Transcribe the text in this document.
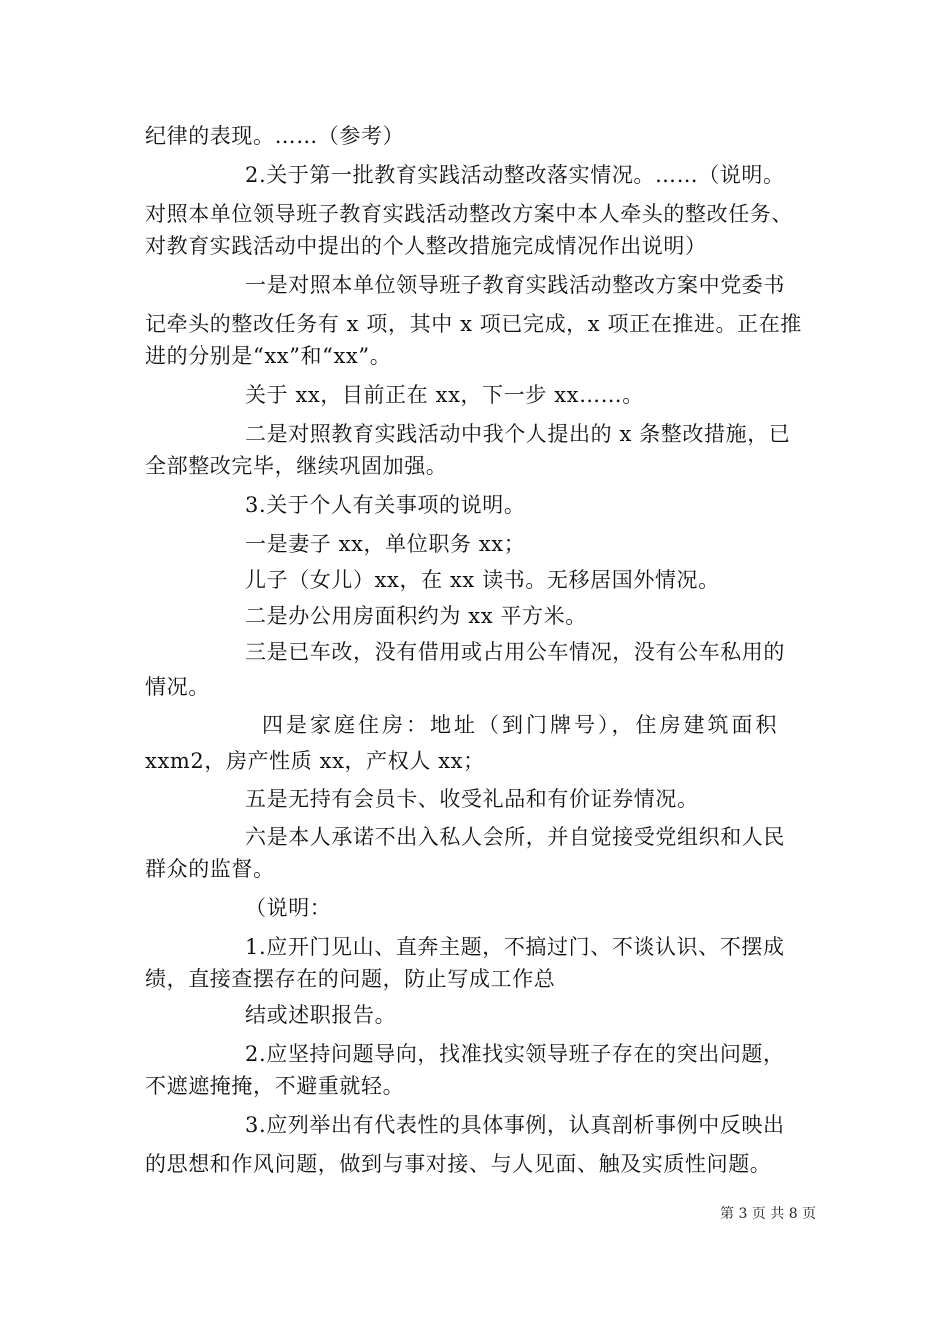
纪律的表现。……（参考）

2.关于第一批教育实践活动整改落实情况。……（说明。

对照本单位领导班子教育实践活动整改方案中本人牵头的整改任务、

对教育实践活动中提出的个人整改措施完成情况作出说明）

一是对照本单位领导班子教育实践活动整改方案中党委书

记牵头的整改任务有 x 项，其中 x 项已完成，x 项正在推进。正在推

进的分别是“xx”和“xx”。

关于 xx，目前正在 xx，下一步 xx……。

二是对照教育实践活动中我个人提出的 x 条整改措施，已

全部整改完毕，继续巩固加强。

3.关于个人有关事项的说明。

一是妻子 xx，单位职务 xx；

儿子（女儿）xx，在 xx 读书。无移居国外情况。

二是办公用房面积约为 xx 平方米。

三是已车改，没有借用或占用公车情况，没有公车私用的

情况。

四是家庭住房：地址（到门牌号），住房建筑面积

xxm2，房产性质 xx，产权人 xx；

五是无持有会员卡、收受礼品和有价证券情况。

六是本人承诺不出入私人会所，并自觉接受党组织和人民

群众的监督。

（说明：

1.应开门见山、直奔主题，不搞过门、不谈认识、不摆成

绩，直接查摆存在的问题，防止写成工作总

结或述职报告。

2.应坚持问题导向，找准找实领导班子存在的突出问题，

不遮遮掩掩，不避重就轻。

3.应列举出有代表性的具体事例，认真剖析事例中反映出

的思想和作风问题，做到与事对接、与人见面、触及实质性问题。

第 3 页 共 8 页
